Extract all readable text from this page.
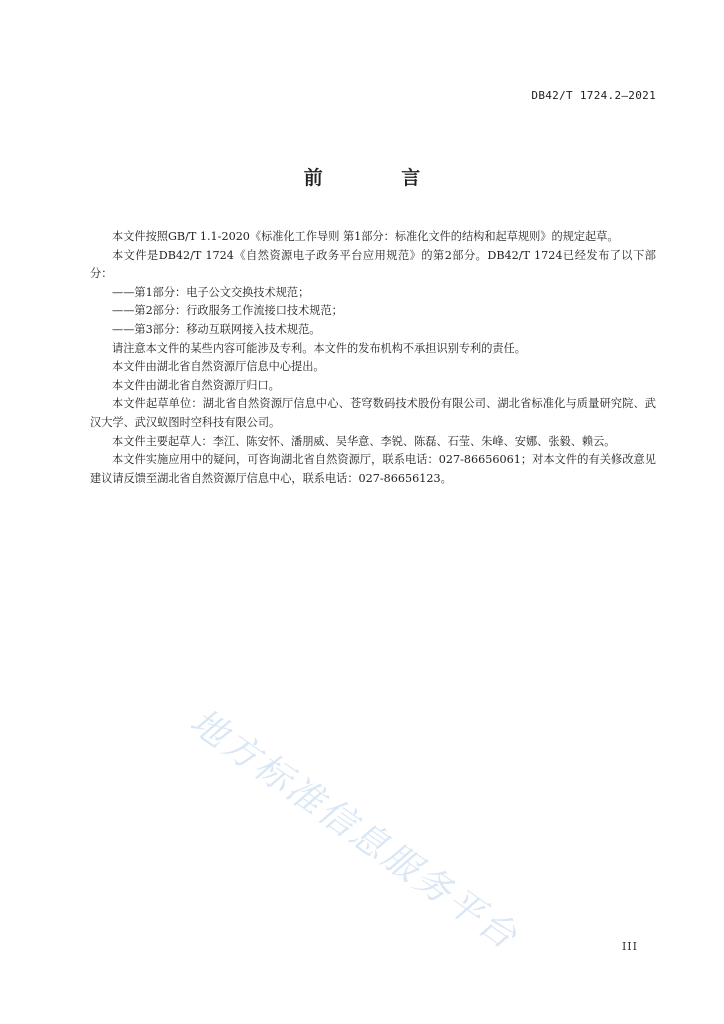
DB42/T 1724.2—2021
前 言

本文件按照GB/T 1.1-2020《标准化工作导则 第1部分：标准化文件的结构和起草规则》的规定起草。

本文件是DB42/T 1724《自然资源电子政务平台应用规范》的第2部分。DB42/T 1724已经发布了以下部分：

——第1部分：电子公文交换技术规范；

——第2部分：行政服务工作流接口技术规范；

——第3部分：移动互联网接入技术规范。

请注意本文件的某些内容可能涉及专利。本文件的发布机构不承担识别专利的责任。

本文件由湖北省自然资源厅信息中心提出。

本文件由湖北省自然资源厅归口。

本文件起草单位：湖北省自然资源厅信息中心、苍穹数码技术股份有限公司、湖北省标准化与质量研究院、武汉大学、武汉蚁图时空科技有限公司。

本文件主要起草人：李江、陈安怀、潘朋威、吴华意、李锐、陈磊、石莹、朱峰、安娜、张毅、赖云。

本文件实施应用中的疑问，可咨询湖北省自然资源厅，联系电话：027-86656061；对本文件的有关修改意见建议请反馈至湖北省自然资源厅信息中心，联系电话：027-86656123。

地方标准信息服务平台	III
